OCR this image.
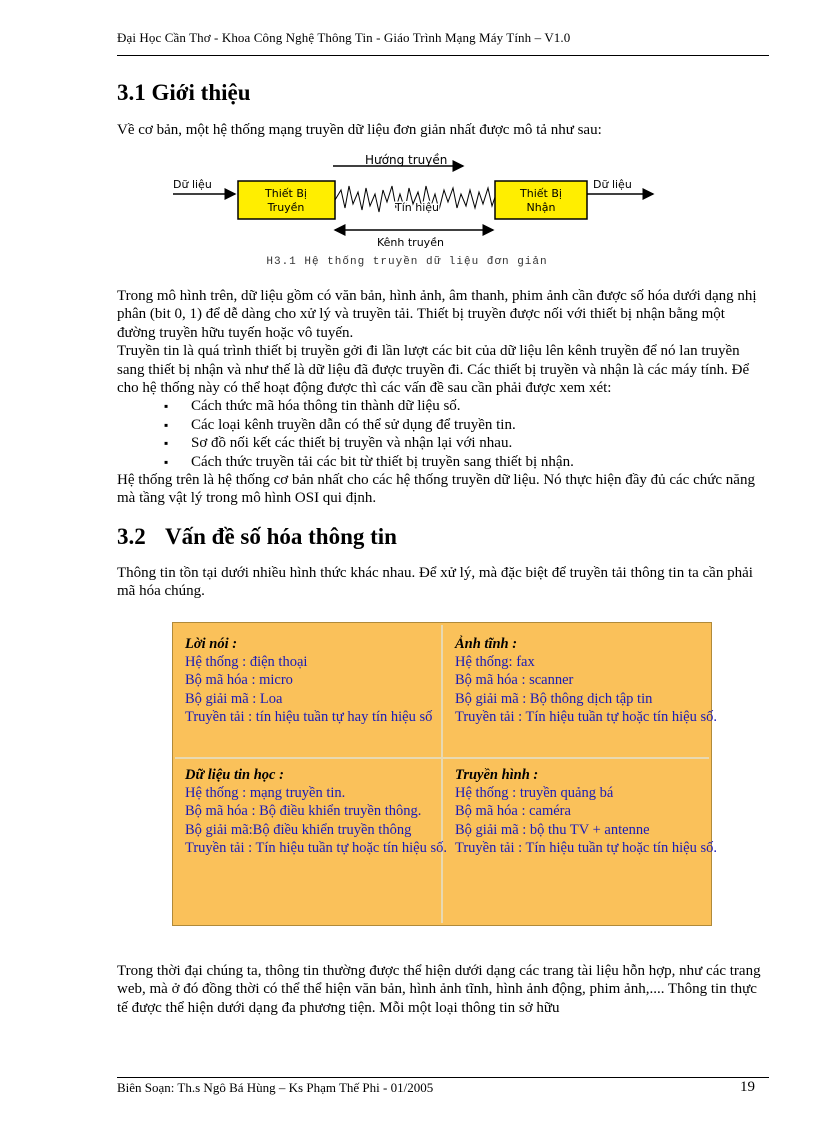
Đại Học Cần Thơ - Khoa Công Nghệ Thông Tin - Giáo Trình Mạng Máy Tính – V1.0
3.1 Giới thiệu
Về cơ bản, một hệ thống mạng truyền dữ liệu đơn giản nhất được mô tả như sau:
Hướng truyền
Dữ liệu
Thiết Bị
Truyền	Tín hiệu
Thiết Bị
Nhận
Dữ liệu
Kênh truyền
H3.1 Hệ thống truyền dữ liệu đơn giản
Trong mô hình trên, dữ liệu gồm có văn bản, hình ảnh, âm thanh, phim ảnh cần được số hóa dưới dạng nhị phân (bit 0, 1) để dễ dàng cho xử lý và truyền tải. Thiết bị truyền được nối với thiết bị nhận bằng một đường truyền hữu tuyến hoặc vô tuyến.
Truyền tin là quá trình thiết bị truyền gởi đi lần lượt các bit của dữ liệu lên kênh truyền để nó lan truyền sang thiết bị nhận và như thế là dữ liệu đã được truyền đi. Các thiết bị truyền và nhận là các máy tính. Để cho hệ thống này có thể hoạt động được thì các vấn đề sau cần phải được xem xét:
▪ Cách thức mã hóa thông tin thành dữ liệu số.
▪ Các loại kênh truyền dẫn có thể sử dụng để truyền tin.
▪ Sơ đồ nối kết các thiết bị truyền và nhận lại với nhau.
▪ Cách thức truyền tải các bit từ thiết bị truyền sang thiết bị nhận.
Hệ thống trên là hệ thống cơ bản nhất cho các hệ thống truyền dữ liệu. Nó thực hiện đầy đủ các chức năng mà tầng vật lý trong mô hình OSI qui định.
3.2 Vấn đề số hóa thông tin
Thông tin tồn tại dưới nhiều hình thức khác nhau. Để xử lý, mà đặc biệt để truyền tải thông tin ta cần phải mã hóa chúng.
Lời nói :
Hệ thống : điện thoại
Bộ mã hóa : micro
Bộ giải mã : Loa
Truyền tải : tín hiệu tuần tự hay tín hiệu số
Ảnh tĩnh :
Hệ thống: fax
Bộ mã hóa : scanner
Bộ giải mã : Bộ thông dịch tập tin
Truyền tải : Tín hiệu tuần tự hoặc tín hiệu số.
Dữ liệu tin học :
Hệ thống : mạng truyền tin.
Bộ mã hóa : Bộ điều khiển truyền thông.
Bộ giải mã:Bộ điều khiển truyền thông
Truyền tải : Tín hiệu tuần tự hoặc tín hiệu số.
Truyền hình :
Hệ thống : truyền quảng bá
Bộ mã hóa : caméra
Bộ giải mã : bộ thu TV + antenne
Truyền tải : Tín hiệu tuần tự hoặc tín hiệu số.
Trong thời đại chúng ta, thông tin thường được thể hiện dưới dạng các trang tài liệu hỗn hợp, như các trang web, mà ở đó đồng thời có thể thể hiện văn bản, hình ảnh tĩnh, hình ảnh động, phim ảnh,.... Thông tin thực tế được thể hiện dưới dạng đa phương tiện. Mỗi một loại thông tin sở hữu
Biên Soạn: Th.s Ngô Bá Hùng – Ks Phạm Thế Phi - 01/2005	19
